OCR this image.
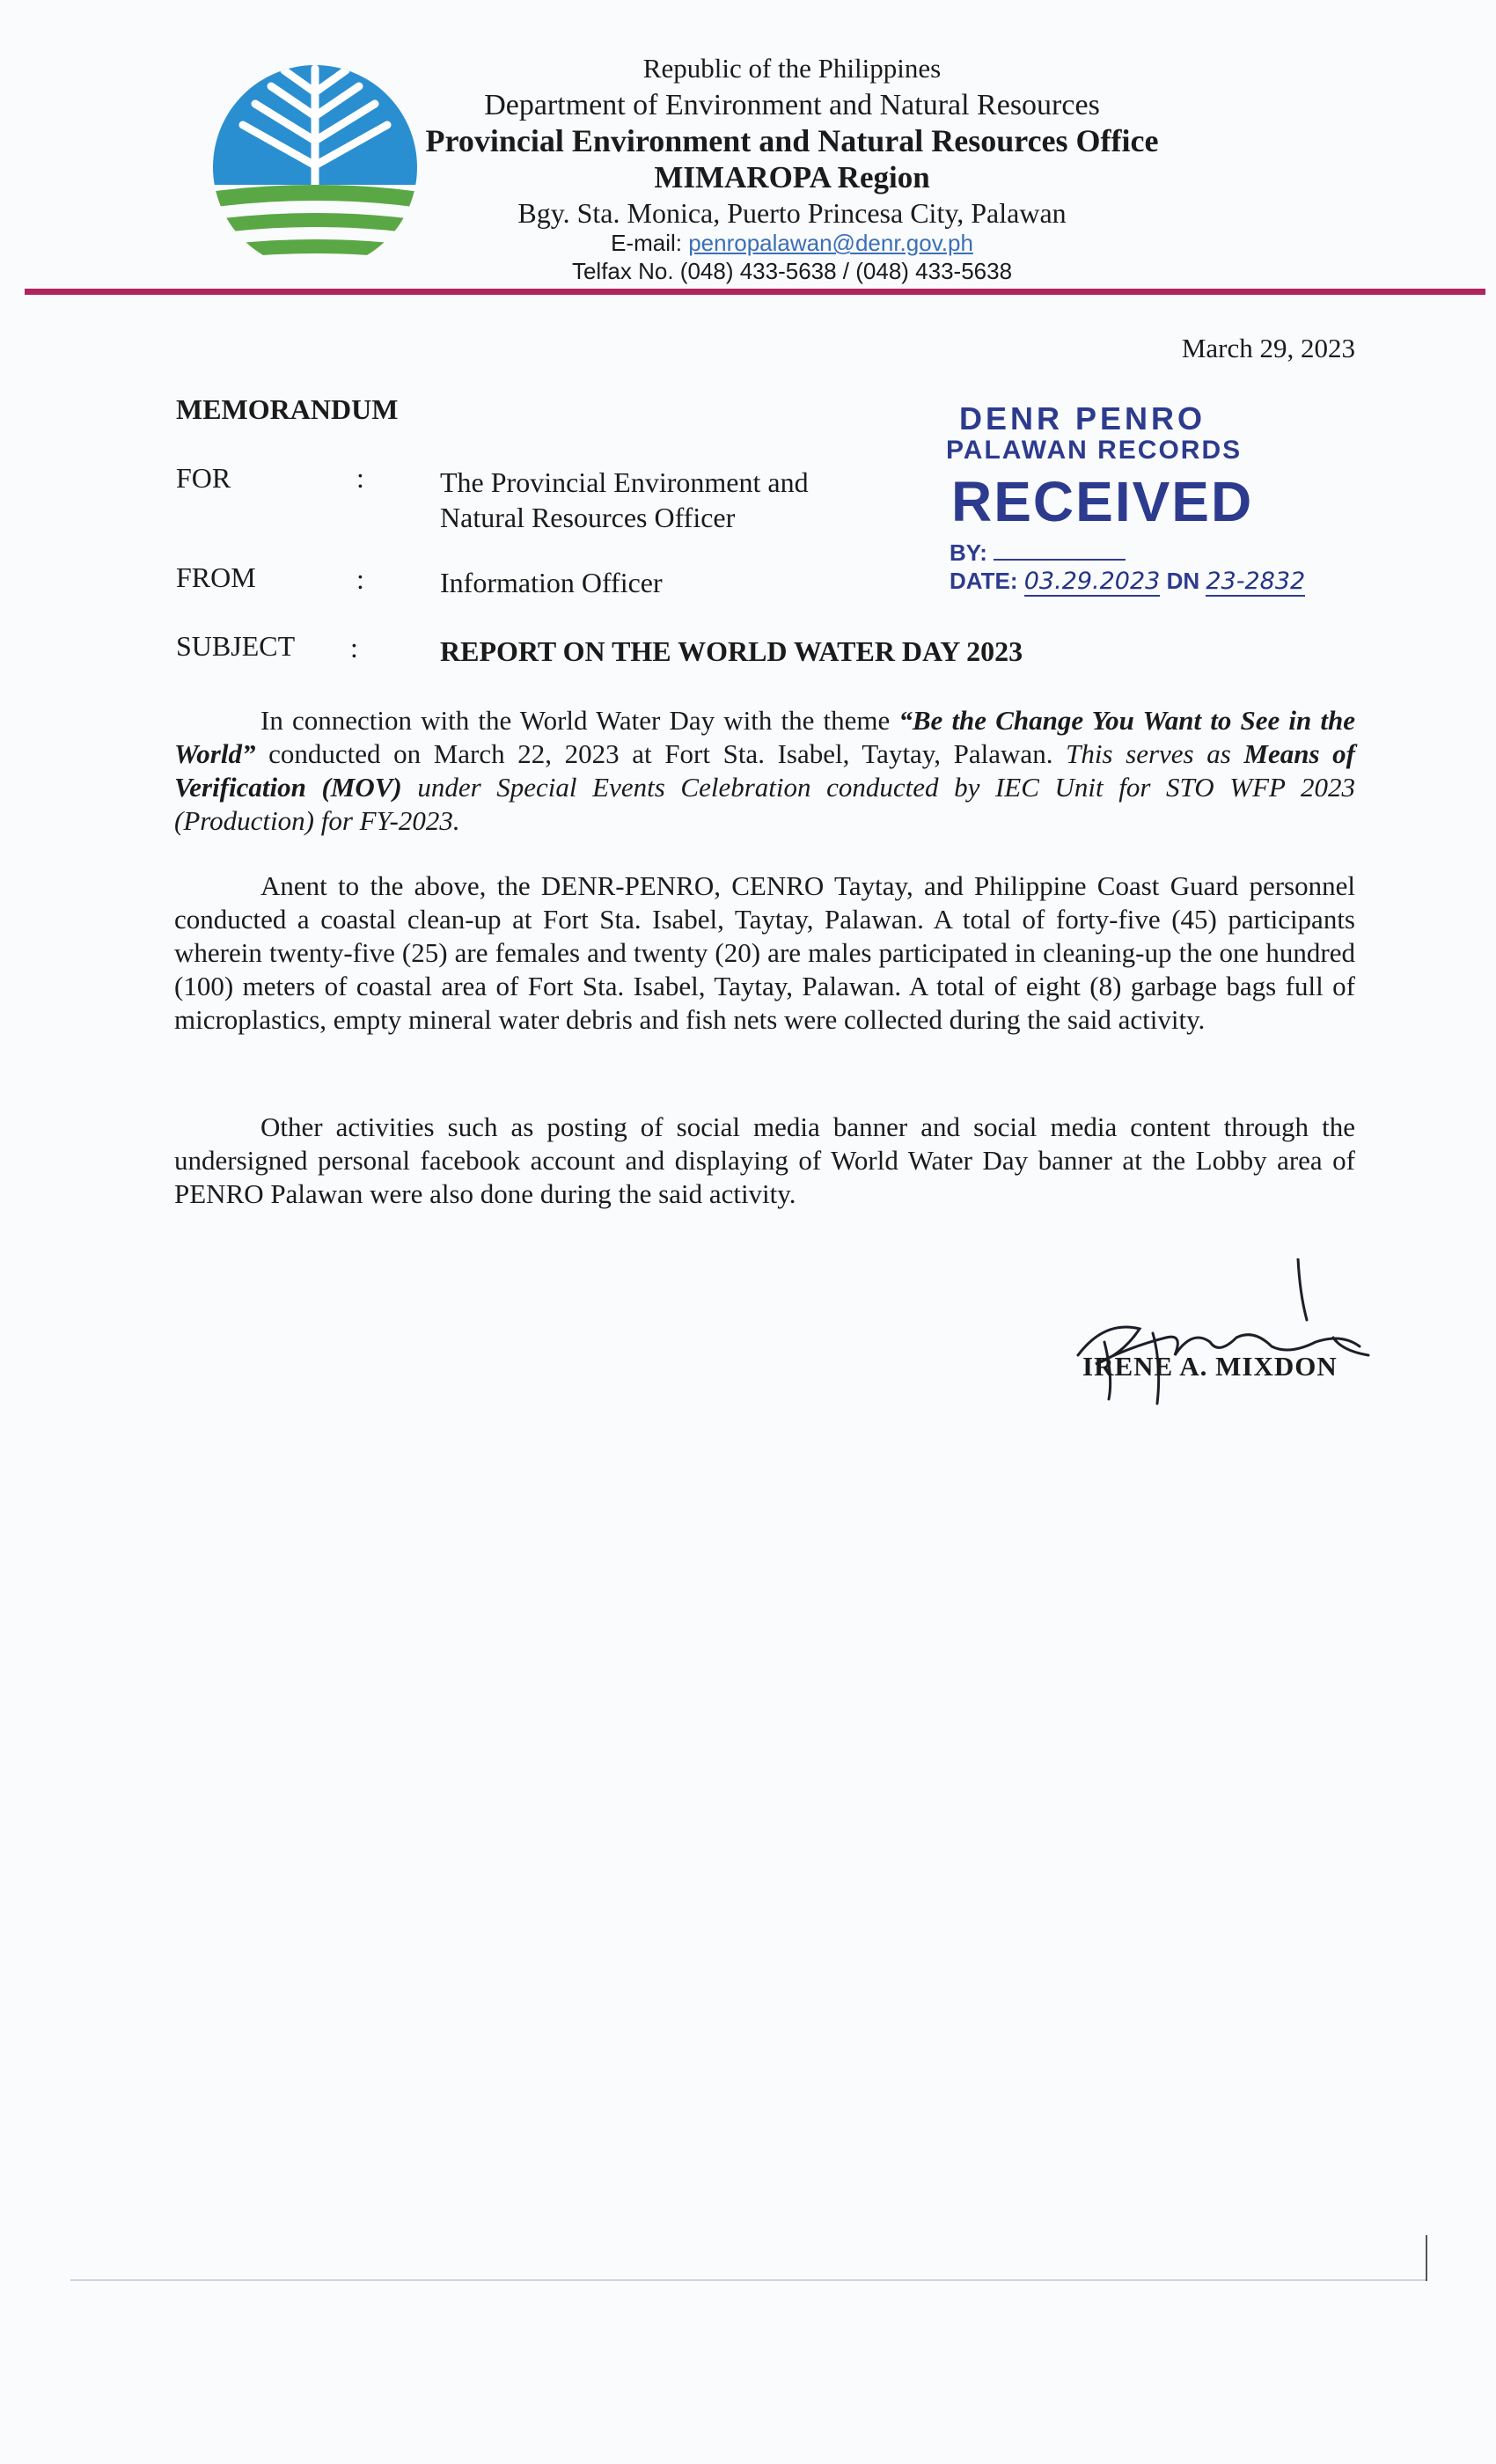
Republic of the Philippines
Department of Environment and Natural Resources
Provincial Environment and Natural Resources Office
MIMAROPA Region
Bgy. Sta. Monica, Puerto Princesa City, Palawan
E-mail: penropalawan@denr.gov.ph
Telfax No. (048) 433-5638 / (048) 433-5638
March 29, 2023
MEMORANDUM
FOR	:	The Provincial Environment and
Natural Resources Officer
FROM	:	Information Officer
SUBJECT :	REPORT ON THE WORLD WATER DAY 2023
DENR PENRO
PALAWAN RECORDS
RECEIVED
BY:
DATE: 03.29.2023 DN 23-2832
In connection with the World Water Day with the theme “Be the Change You Want to See in the World” conducted on March 22, 2023 at Fort Sta. Isabel, Taytay, Palawan. This serves as Means of Verification (MOV) under Special Events Celebration conducted by IEC Unit for STO WFP 2023 (Production) for FY-2023.
Anent to the above, the DENR-PENRO, CENRO Taytay, and Philippine Coast Guard personnel conducted a coastal clean-up at Fort Sta. Isabel, Taytay, Palawan. A total of forty-five (45) participants wherein twenty-five (25) are females and twenty (20) are males participated in cleaning-up the one hundred (100) meters of coastal area of Fort Sta. Isabel, Taytay, Palawan. A total of eight (8) garbage bags full of microplastics, empty mineral water debris and fish nets were collected during the said activity.
Other activities such as posting of social media banner and social media content through the undersigned personal facebook account and displaying of World Water Day banner at the Lobby area of PENRO Palawan were also done during the said activity.
IRENE A. MIXDON
